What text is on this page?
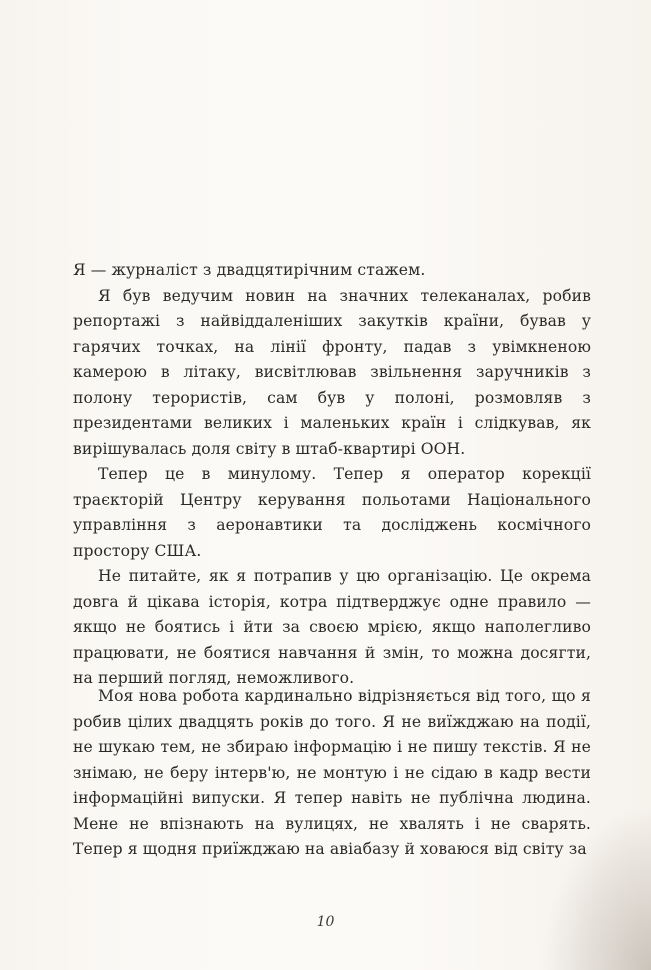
Я — журналіст з двадцятирічним стажем.

Я був ведучим новин на значних телеканалах, робив репортажі з найвіддаленіших закутків країни, бував у гарячих точках, на лінії фронту, падав з увімкненою камерою в літаку, висвітлював звільнення заручників з полону терористів, сам був у полоні, розмовляв з президентами великих і маленьких країн і слідкував, як вирішувалась доля світу в штаб-квартирі ООН.

Тепер це в минулому. Тепер я оператор корекції траєкторій Центру керування польотами Національного управління з аеронавтики та досліджень космічного простору США.

Не питайте, як я потрапив у цю організацію. Це окрема довга й цікава історія, котра підтверджує одне правило — якщо не боятись і йти за своєю мрією, якщо наполегливо працювати, не боятися навчання й змін, то можна досягти, на перший погляд, неможливого.

Моя нова робота кардинально відрізняється від того, що я робив цілих двадцять років до того. Я не виїжджаю на події, не шукаю тем, не збираю інформацію і не пишу текстів. Я не знімаю, не беру інтерв'ю, не монтую і не сідаю в кадр вести інформаційні випуски. Я тепер навіть не публічна людина. Мене не впізнають на вулицях, не хвалять і не сварять. Тепер я щодня приїжджаю на авіабазу й ховаюся від світу за

10
